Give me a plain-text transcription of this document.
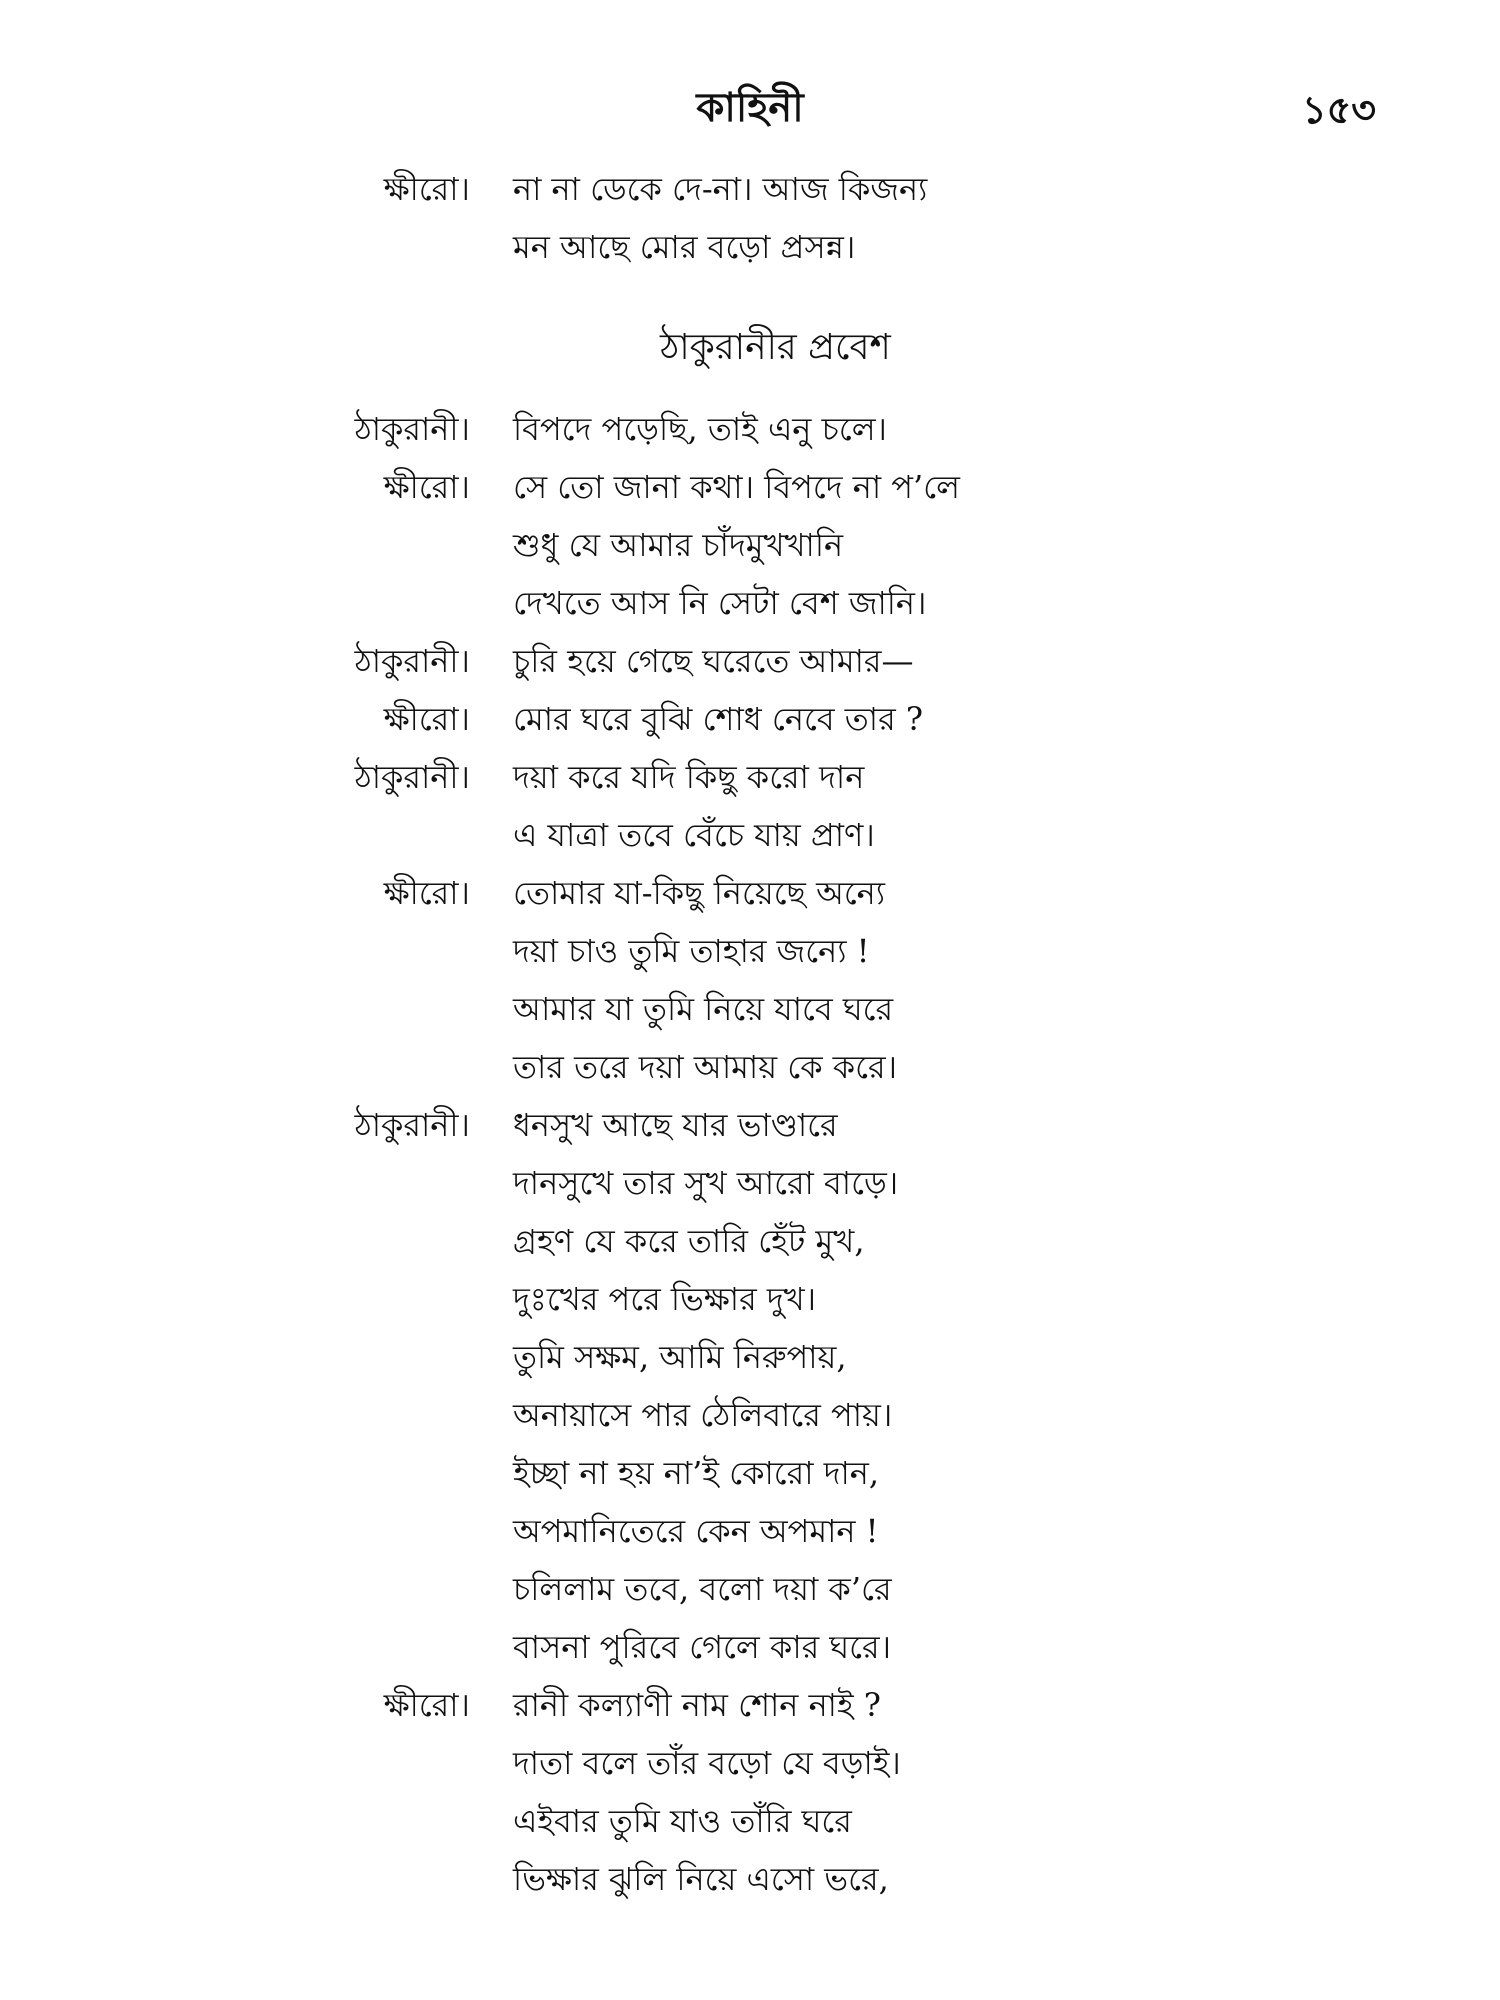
কাহিনী	১৫৩
ক্ষীরো। না না ডেকে দে-না। আজ কিজন্য
মন আছে মোর বড়ো প্রসন্ন।
ঠাকুরানীর প্রবেশ
ঠাকুরানী। বিপদে পড়েছি, তাই এনু চলে।
ক্ষীরো। সে তো জানা কথা। বিপদে না প’লে
শুধু যে আমার চাঁদমুখখানি
দেখতে আস নি সেটা বেশ জানি।
ঠাকুরানী। চুরি হয়ে গেছে ঘরেতে আমার—
ক্ষীরো। মোর ঘরে বুঝি শোধ নেবে তার ?
ঠাকুরানী। দয়া করে যদি কিছু করো দান
এ যাত্রা তবে বেঁচে যায় প্রাণ।
ক্ষীরো। তোমার যা-কিছু নিয়েছে অন্যে
দয়া চাও তুমি তাহার জন্যে !
আমার যা তুমি নিয়ে যাবে ঘরে
তার তরে দয়া আমায় কে করে।
ঠাকুরানী। ধনসুখ আছে যার ভাণ্ডারে
দানসুখে তার সুখ আরো বাড়ে।
গ্রহণ যে করে তারি হেঁট মুখ,
দুঃখের পরে ভিক্ষার দুখ।
তুমি সক্ষম, আমি নিরুপায়,
অনায়াসে পার ঠেলিবারে পায়।
ইচ্ছা না হয় না’ই কোরো দান,
অপমানিতেরে কেন অপমান !
চলিলাম তবে, বলো দয়া ক’রে
বাসনা পুরিবে গেলে কার ঘরে।
ক্ষীরো। রানী কল্যাণী নাম শোন নাই ?
দাতা বলে তাঁর বড়ো যে বড়াই।
এইবার তুমি যাও তাঁরি ঘরে
ভিক্ষার ঝুলি নিয়ে এসো ভরে,
